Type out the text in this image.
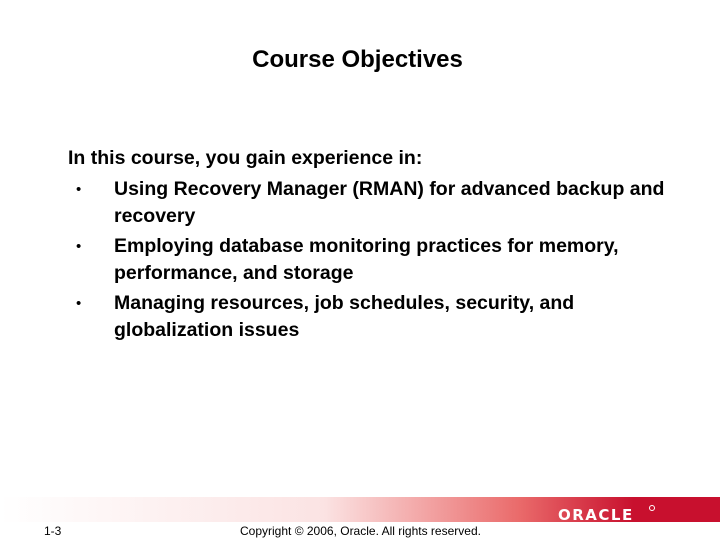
Course Objectives
In this course, you gain experience in:
• Using Recovery Manager (RMAN) for advanced backup and recovery
• Employing database monitoring practices for memory, performance, and storage
• Managing resources, job schedules, security, and globalization issues
ORACLE
1-3	Copyright © 2006, Oracle. All rights reserved.
